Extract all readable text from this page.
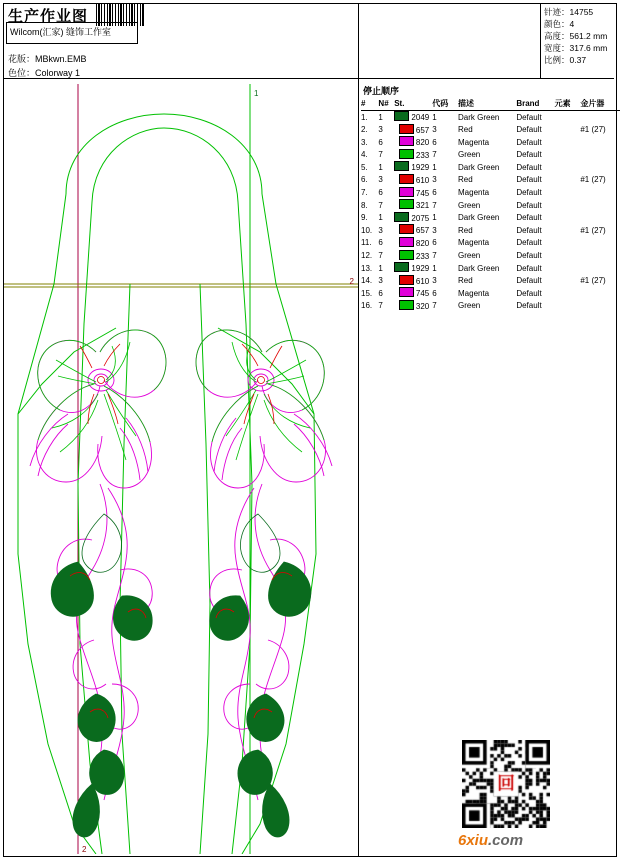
生产作业图
Wilcom(汇家) 缝饰工作室
花版：MBkwn.EMB
色位：Colorway 1
针迹：14755
颜色：4
高度：561.2 mm
宽度：317.6 mm
比例：0.37
停止顺序
#	N#	St.	代码	描述	Brand	元素	金片器
1.	1	2049	1	Dark Green	Default		
2.	3	657	3	Red	Default		#1 (27)
3.	6	820	6	Magenta	Default		
4.	7	233	7	Green	Default		
5.	1	1929	1	Dark Green	Default		
6.	3	610	3	Red	Default		#1 (27)
7.	6	745	6	Magenta	Default		
8.	7	321	7	Green	Default		
9.	1	2075	1	Dark Green	Default		
10.	3	657	3	Red	Default		#1 (27)
11.	6	820	6	Magenta	Default		
12.	7	233	7	Green	Default		
13.	1	1929	1	Dark Green	Default		
14.	3	610	3	Red	Default		#1 (27)
15.	6	745	6	Magenta	Default		
16.	7	320	7	Green	Default		
1
2
2
6xiu.com
